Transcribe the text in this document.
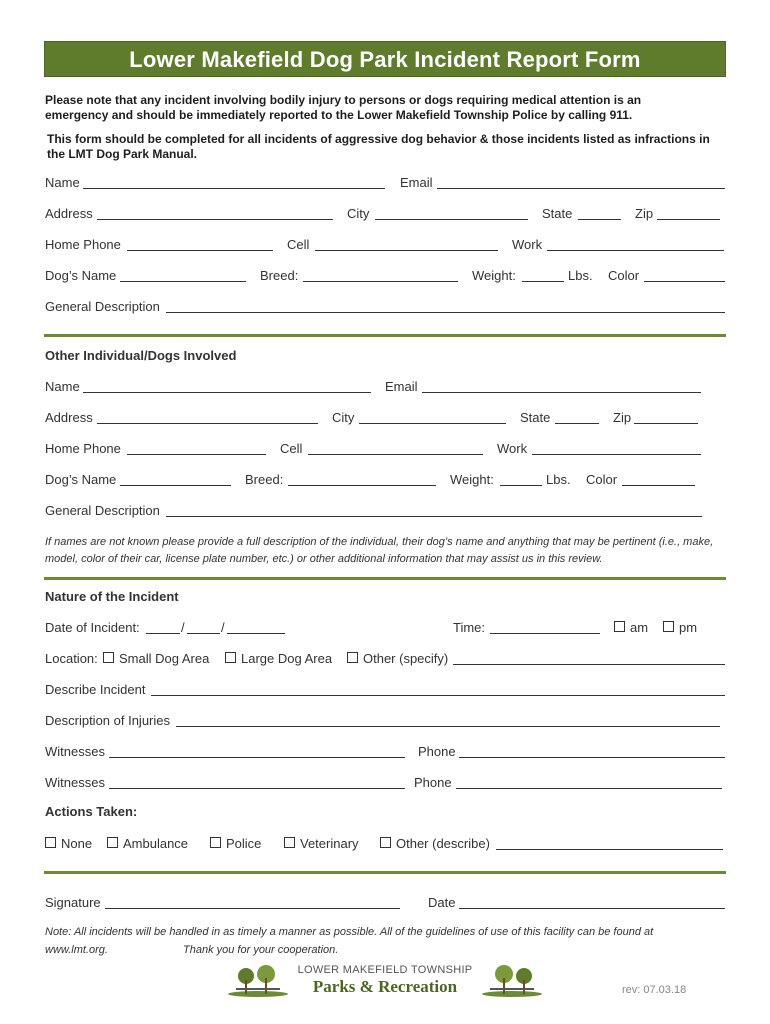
Lower Makefield Dog Park Incident Report Form
Please note that any incident involving bodily injury to persons or dogs requiring medical attention is an emergency and should be immediately reported to the Lower Makefield Township Police by calling 911.
This form should be completed for all incidents of aggressive dog behavior & those incidents listed as infractions in the LMT Dog Park Manual.
Name	Email
Address	City	State	Zip
Home Phone	Cell	Work
Dog’s Name	Breed:	Weight:	Lbs. Color
General Description
Other Individual/Dogs Involved
Name	Email
Address	City	State	Zip
Home Phone	Cell	Work
Dog’s Name	Breed:	Weight:	Lbs. Color
General Description
If names are not known please provide a full description of the individual, their dog’s name and anything that may be pertinent (i.e., make, model, color of their car, license plate number, etc.) or other additional information that may assist us in this review.
Nature of the Incident
Date of Incident:	/	/	Time:	am	pm
Location:	Small Dog Area	Large Dog Area	Other (specify)
Describe Incident
Description of Injuries
Witnesses	Phone
Witnesses	Phone
Actions Taken:
None	Ambulance	Police	Veterinary	Other (describe)
Signature	Date
Note: All incidents will be handled in as timely a manner as possible. All of the guidelines of use of this facility can be found at
www.lmt.org.	Thank you for your cooperation.
LOWER MAKEFIELD TOWNSHIP
Parks & Recreation	rev: 07.03.18
